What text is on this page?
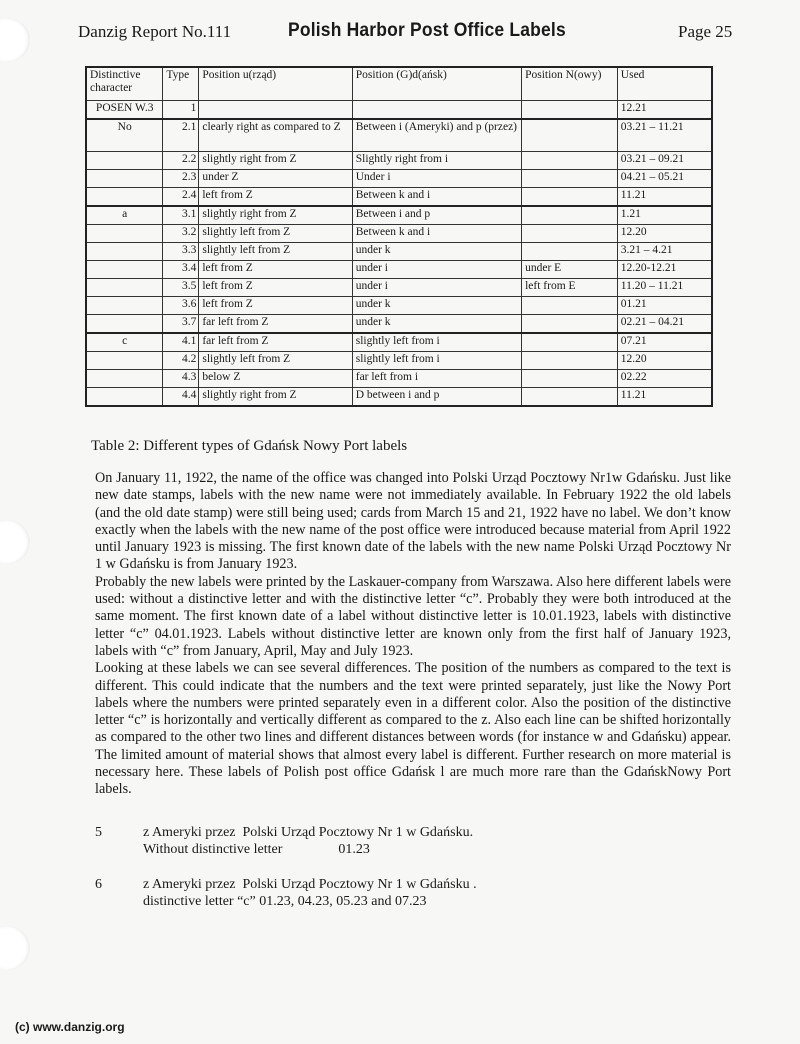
Danzig Report No.111	Polish Harbor Post Office Labels	Page 25
Distinctive character	Type	Position u(rząd)	Position (G)d(ańsk)	Position N(owy)	Used
POSEN W.3	1				12.21
No	2.1	clearly right as compared to Z	Between i (Ameryki) and p (przez)		03.21 – 11.21
	2.2	slightly right from Z	Slightly right from i		03.21 – 09.21
	2.3	under Z	Under i		04.21 – 05.21
	2.4	left from Z	Between k and i		11.21
a	3.1	slightly right from Z	Between i and p		1.21
	3.2	slightly left from Z	Between k and i		12.20
	3.3	slightly left from Z	under k		3.21 – 4.21
	3.4	left from Z	under i	under E	12.20-12.21
	3.5	left from Z	under i	left from E	11.20 – 11.21
	3.6	left from Z	under k		01.21
	3.7	far left from Z	under k		02.21 – 04.21
c	4.1	far left from Z	slightly left from i		07.21
	4.2	slightly left from Z	slightly left from i		12.20
	4.3	below Z	far left from i		02.22
	4.4	slightly right from Z	D between i and p		11.21
Table 2: Different types of Gdańsk Nowy Port labels

On January 11, 1922, the name of the office was changed into Polski Urząd Pocztowy Nr1w Gdańsku. Just like new date stamps, labels with the new name were not immediately available. In February 1922 the old labels (and the old date stamp) were still being used; cards from March 15 and 21, 1922 have no label. We don’t know exactly when the labels with the new name of the post office were introduced because material from April 1922 until January 1923 is missing. The first known date of the labels with the new name Polski Urząd Pocztowy Nr 1 w Gdańsku is from January 1923.

Probably the new labels were printed by the Laskauer-company from Warszawa. Also here different labels were used: without a distinctive letter and with the distinctive letter “c”. Probably they were both introduced at the same moment. The first known date of a label without distinctive letter is 10.01.1923, labels with distinctive letter “c” 04.01.1923. Labels without distinctive letter are known only from the first half of January 1923, labels with “c” from January, April, May and July 1923.

Looking at these labels we can see several differences. The position of the numbers as compared to the text is different. This could indicate that the numbers and the text were printed separately, just like the Nowy Port labels where the numbers were printed separately even in a different color. Also the position of the distinctive letter “c” is horizontally and vertically different as compared to the z. Also each line can be shifted horizontally as compared to the other two lines and different distances between words (for instance w and Gdańsku) appear. The limited amount of material shows that almost every label is different. Further research on more material is necessary here. These labels of Polish post office Gdańsk l are much more rare than the GdańskNowy Port labels.

5	z Ameryki przez  Polski Urząd Pocztowy Nr 1 w Gdańsku.
Without distinctive letter                01.23
6	z Ameryki przez  Polski Urząd Pocztowy Nr 1 w Gdańsku .
distinctive letter “c” 01.23, 04.23, 05.23 and 07.23
(c) www.danzig.org
